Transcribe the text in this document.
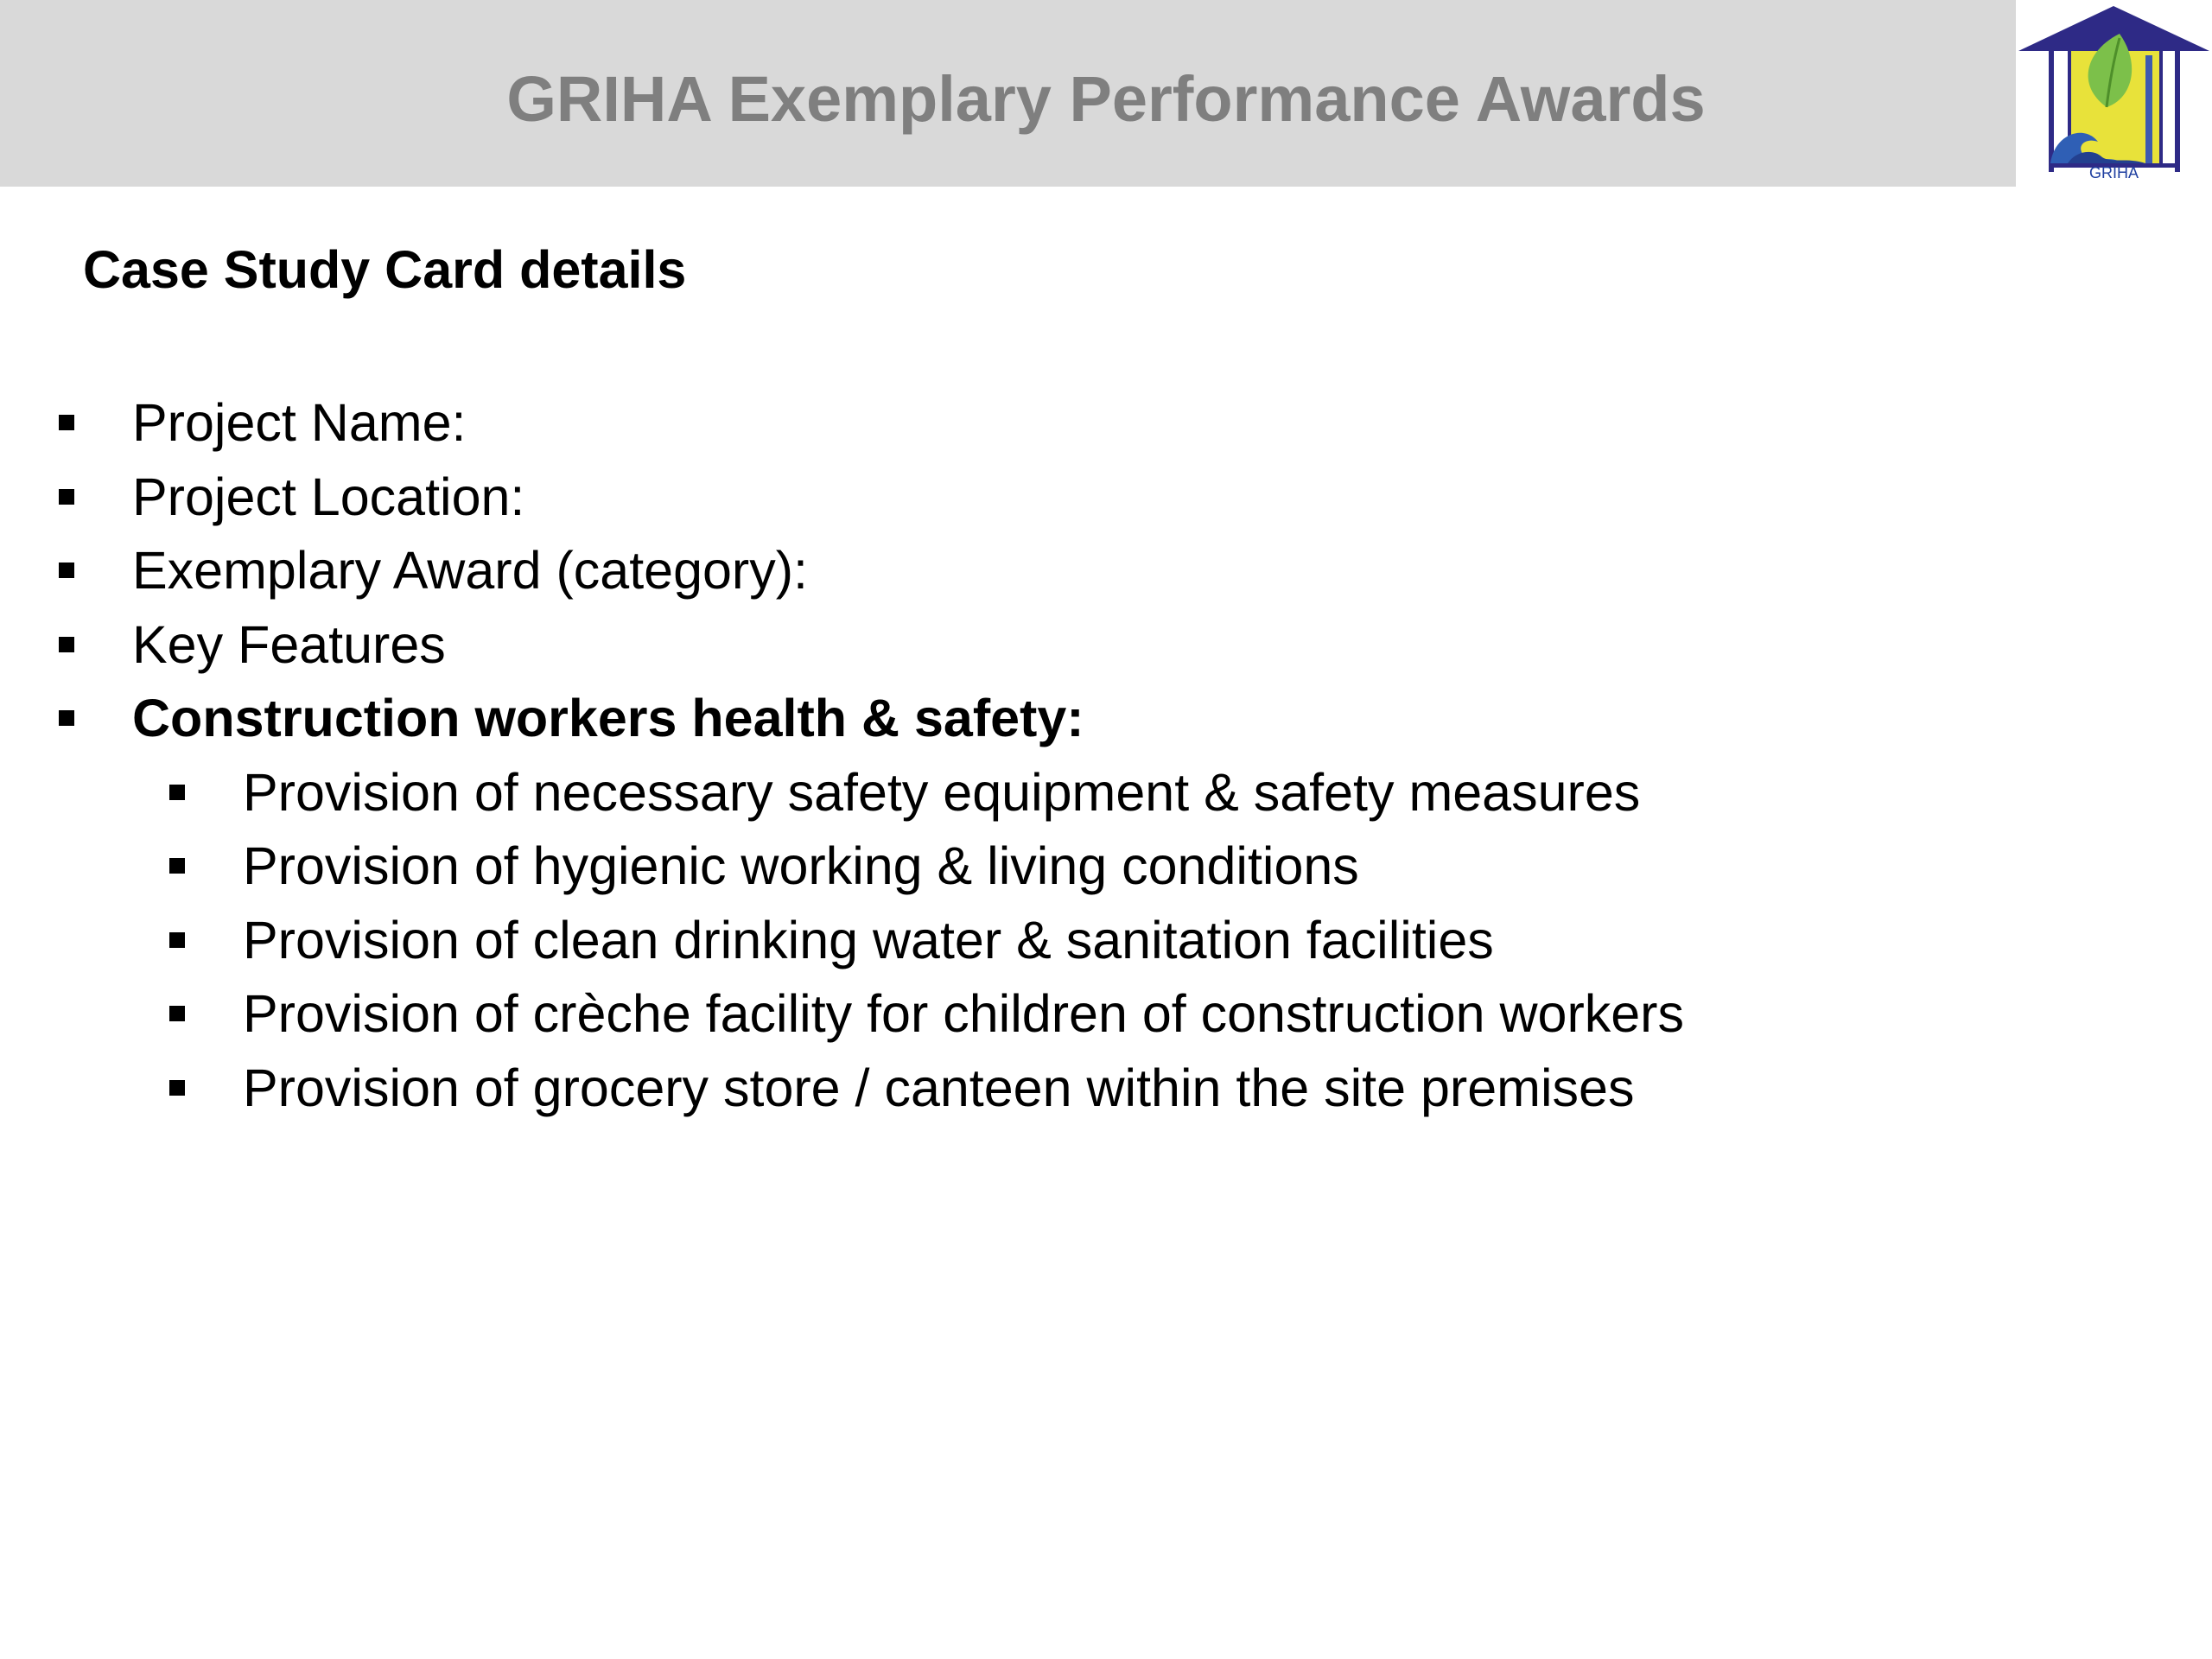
GRIHA Exemplary Performance Awards
GRIHA
Case Study Card details
Project Name:
Project Location:
Exemplary Award (category):
Key Features
Construction workers health & safety:
Provision of necessary safety equipment & safety measures
Provision of hygienic working & living conditions
Provision of clean drinking water & sanitation facilities
Provision of crèche facility for children of construction workers
Provision of grocery store / canteen within the site premises
